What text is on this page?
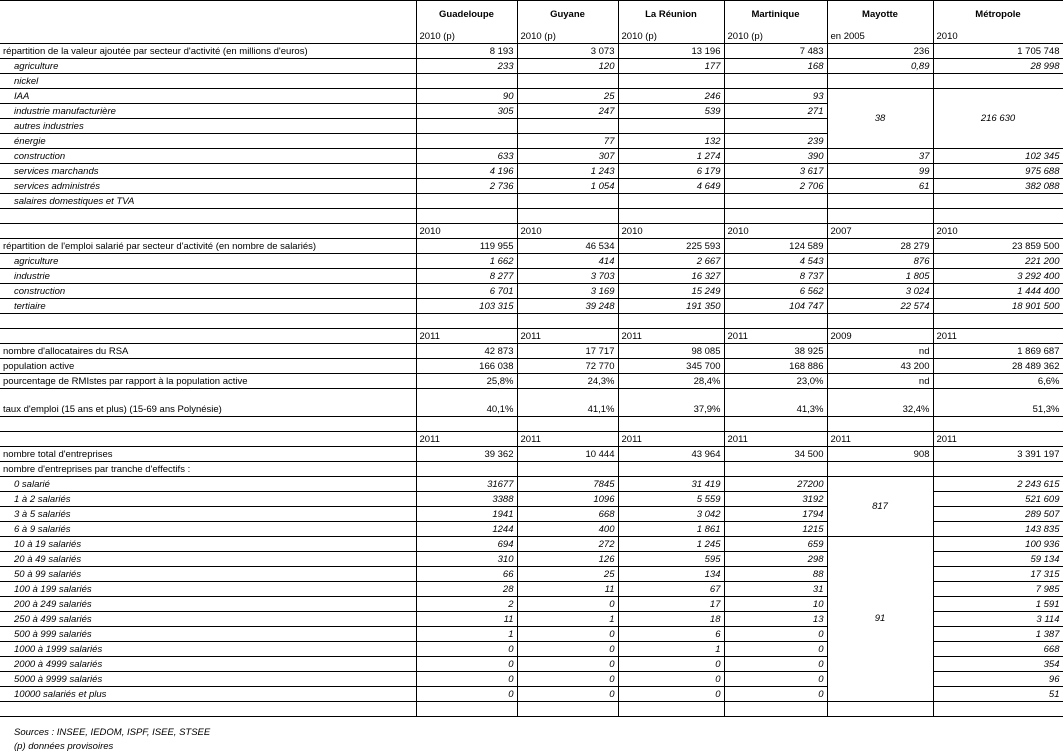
	Guadeloupe	Guyane	La Réunion	Martinique	Mayotte	Métropole
	2010 (p)	2010 (p)	2010 (p)	2010 (p)	en 2005	2010
répartition de la valeur ajoutée par secteur d'activité (en millions d'euros)	8 193	3 073	13 196	7 483	236	1 705 748
agriculture	233	120	177	168	0,89	28 998
nickel						
IAA	90	25	246	93	38	216 630
industrie manufacturière	305	247	539	271		
autres industries						
énergie		77	132	239		
construction	633	307	1 274	390	37	102 345
services marchands	4 196	1 243	6 179	3 617	99	975 688
services administrés	2 736	1 054	4 649	2 706	61	382 088
salaires domestiques et TVA						

	2010	2010	2010	2010	2007	2010
répartition de l'emploi salarié par secteur d'activité (en nombre de salariés)	119 955	46 534	225 593	124 589	28 279	23 859 500
agriculture	1 662	414	2 667	4 543	876	221 200
industrie	8 277	3 703	16 327	8 737	1 805	3 292 400
construction	6 701	3 169	15 249	6 562	3 024	1 444 400
tertiaire	103 315	39 248	191 350	104 747	22 574	18 901 500

	2011	2011	2011	2011	2009	2011
nombre d'allocataires du RSA	42 873	17 717	98 085	38 925	nd	1 869 687
population active	166 038	72 770	345 700	168 886	43 200	28 489 362
pourcentage de RMIstes par rapport à la population active	25,8%	24,3%	28,4%	23,0%	nd	6,6%
taux d'emploi (15 ans et plus) (15-69 ans Polynésie)	40,1%	41,1%	37,9%	41,3%	32,4%	51,3%

	2011	2011	2011	2011	2011	2011
nombre total d'entreprises	39 362	10 444	43 964	34 500	908	3 391 197
nombre d'entreprises par tranche d'effectifs :						
0 salarié	31677	7845	31 419	27200	817	2 243 615
1 à 2 salariés	3388	1096	5 559	3192		521 609
3 à 5 salariés	1941	668	3 042	1794		289 507
6 à 9 salariés	1244	400	1 861	1215		143 835
10 à 19 salariés	694	272	1 245	659	91	100 936
20 à 49 salariés	310	126	595	298		59 134
50 à 99 salariés	66	25	134	88		17 315
100 à 199 salariés	28	11	67	31		7 985
200 à 249 salariés	2	0	17	10		1 591
250 à 499 salariés	11	1	18	13		3 114
500 à 999 salariés	1	0	6	0		1 387
1000 à 1999 salariés	0	0	1	0		668
2000 à 4999 salariés	0	0	0	0		354
5000 à 9999 salariés	0	0	0	0		96
10000 salariés et plus	0	0	0	0		51

Sources : INSEE, IEDOM, ISPF, ISEE, STSEE
(p) données provisoires
